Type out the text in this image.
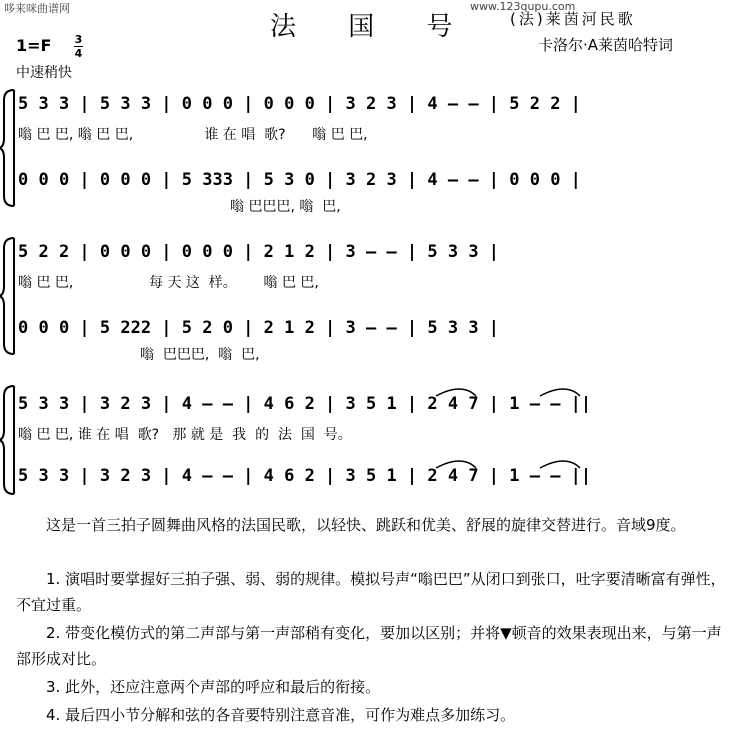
哆来咪曲谱网	www.123qupu.com
法 国 号 (法)莱茵河民歌
卡洛尔·A莱茵哈特词
1=F 3
4
中速稍快
5 3 3 | 5 3 3 | 0 0 0 | 0 0 0 | 3 2 3 | 4 – – | 5 2 2 |
嗡 巴 巴, 嗡 巴 巴,                谁 在 唱  歌?      嗡 巴 巴,
0 0 0 | 0 0 0 | 5 333 | 5 3 0 | 3 2 3 | 4 – – | 0 0 0 |
嗡 巴巴巴, 嗡  巴,
5 2 2 | 0 0 0 | 0 0 0 | 2 1 2 | 3 – – | 5 3 3 |
嗡 巴 巴,                 每 天 这  样。      嗡 巴 巴,
0 0 0 | 5 222 | 5 2 0 | 2 1 2 | 3 – – | 5 3 3 |
嗡  巴巴巴,  嗡  巴,
5 3 3 | 3 2 3 | 4 – – | 4 6 2 | 3 5 1 | 2 4 7 | 1 – – ||
嗡 巴 巴, 谁 在 唱  歌?   那 就 是  我  的  法  国  号。
5 3 3 | 3 2 3 | 4 – – | 4 6 2 | 3 5 1 | 2 4 7 | 1 – – ||
这是一首三拍子圆舞曲风格的法国民歌，以轻快、跳跃和优美、舒展的旋律交替进行。音域9度。
1. 演唱时要掌握好三拍子强、弱、弱的规律。模拟号声“嗡巴巴”从闭口到张口，吐字要清晰富有弹性，不宜过重。
2. 带变化模仿式的第二声部与第一声部稍有变化，要加以区别；并将▼顿音的效果表现出来，与第一声部形成对比。
3. 此外，还应注意两个声部的呼应和最后的衔接。
4. 最后四小节分解和弦的各音要特别注意音准，可作为难点多加练习。
